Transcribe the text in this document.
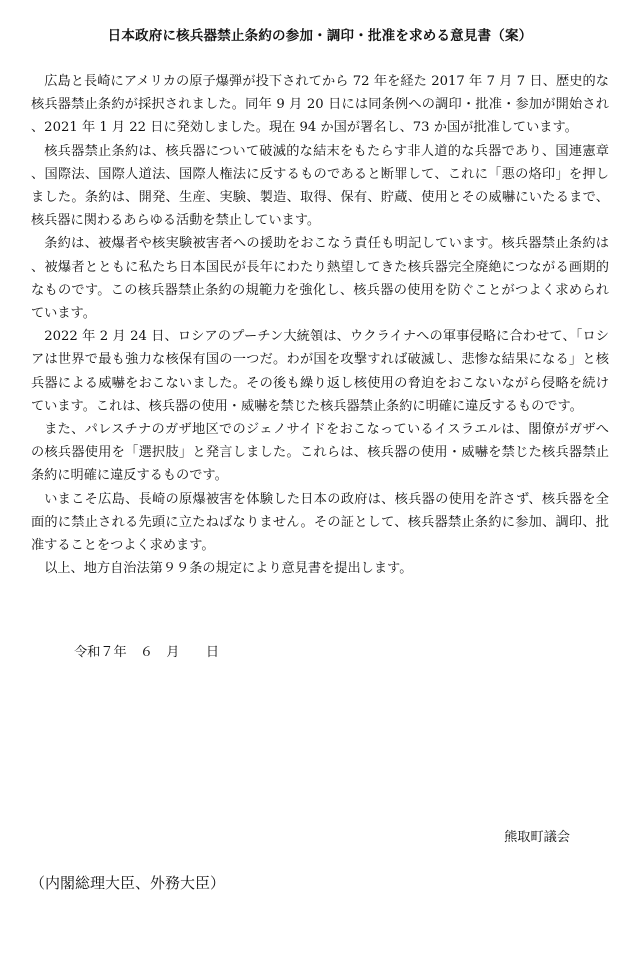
日本政府に核兵器禁止条約の参加・調印・批准を求める意見書（案）

広島と長崎にアメリカの原子爆弾が投下されてから 72 年を経た 2017 年 7 月 7 日、歴史的な核兵器禁止条約が採択されました。同年 9 月 20 日には同条例への調印・批准・参加が開始され、2021 年 1 月 22 日に発効しました。現在 94 か国が署名し、73 か国が批准しています。

核兵器禁止条約は、核兵器について破滅的な結末をもたらす非人道的な兵器であり、国連憲章、国際法、国際人道法、国際人権法に反するものであると断罪して、これに「悪の烙印」を押しました。条約は、開発、生産、実験、製造、取得、保有、貯蔵、使用とその威嚇にいたるまで、核兵器に関わるあらゆる活動を禁止しています。

条約は、被爆者や核実験被害者への援助をおこなう責任も明記しています。核兵器禁止条約は、被爆者とともに私たち日本国民が長年にわたり熱望してきた核兵器完全廃絶につながる画期的なものです。この核兵器禁止条約の規範力を強化し、核兵器の使用を防ぐことがつよく求められています。

2022 年 2 月 24 日、ロシアのプーチン大統領は、ウクライナへの軍事侵略に合わせて、「ロシアは世界で最も強力な核保有国の一つだ。わが国を攻撃すれば破滅し、悲惨な結果になる」と核兵器による威嚇をおこないました。その後も繰り返し核使用の脅迫をおこないながら侵略を続けています。これは、核兵器の使用・威嚇を禁じた核兵器禁止条約に明確に違反するものです。

また、パレスチナのガザ地区でのジェノサイドをおこなっているイスラエルは、閣僚がガザへの核兵器使用を「選択肢」と発言しました。これらは、核兵器の使用・威嚇を禁じた核兵器禁止条約に明確に違反するものです。

いまこそ広島、長崎の原爆被害を体験した日本の政府は、核兵器の使用を許さず、核兵器を全面的に禁止される先頭に立たねばなりません。その証として、核兵器禁止条約に参加、調印、批准することをつよく求めます。

以上、地方自治法第９９条の規定により意見書を提出します。

令和７年　６　月　　日
熊取町議会
（内閣総理大臣、外務大臣）
